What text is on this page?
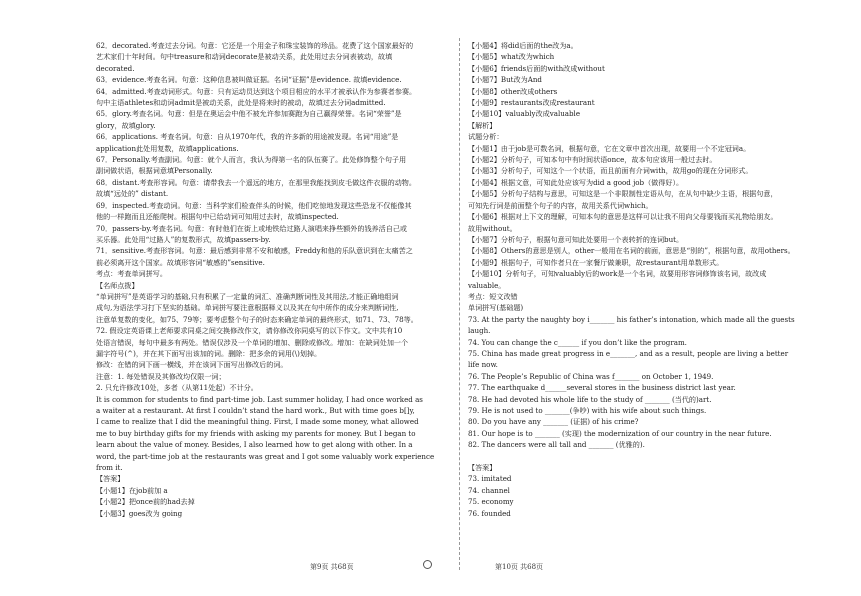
62．decorated.考查过去分词。句意：它还是一个用金子和珠宝装饰的珍品。花费了这个国家最好的

艺术家们十年时间。句中treasure和动词decorate是被动关系，此处用过去分词表被动，故填

decorated.

63．evidence.考查名词。句意：这种信息被叫做证据。名词“证据”是evidence. 故填evidence.

64．admitted.考查动词形式。句意：只有运动员达到这个项目相应的水平才被承认作为参赛者参赛。

句中主语athletes和动词admit是被动关系，此处是将来时的被动，故填过去分词admitted.

65．glory.考查名词。句意：但是在奥运会中他不被允许参加赛跑为自己赢得荣誉。名词“荣誉”是

glory，故填glory.

66．applications. 考查名词。句意：自从1970年代，我的许多新的用途被发现。名词“用途”是

application此处用复数，故填applications.

67．Personally.考查副词。句意：就个人而言，我认为得第一名的队伍赛了。此处修饰整个句子用

副词做状语，根据词意填Personally.

68．distant.考查形容词。句意：请带我去一个遥远的地方，在那里我能找到皮毛做这件衣服的动物。

故填“远处的” distant.

69．inspected.考查动词。句意：当科学家们检查伴头的时候，他们吃惊地发现这些恐龙不仅能像其

他的一样跑而且还能爬树。根据句中已给动词可知用过去时，故填inspected.

70．passers-by.考查名词。句意：有时他们在街上或地铁给过路人演唱来挣些额外的钱养活自己或

买乐器。此处用“过路人”的复数形式，故填passers-by.

71．sensitive.考查形容词。句意：最后感到非常不安和敏感，Freddy和他的乐队意识到在太痛苦之

前必须离开这个国家。故填形容词“敏感的”sensitive.

考点：考查单词拼写。

【名师点拨】

“单词拼写”是英语学习的基础,只有积累了一定量的词汇、准确判断词性及其用法,才能正确地组词

成句,为语法学习打下坚实的基础。单词拼写要注意根据释义以及其在句中所作的成分来判断词性,

注意单复数的变化，如75、79等；要考虑整个句子的时态来确定单词的最终形式，如71、73、78等。

72. 假设定英语课上老师要求同桌之间交换修改作文，请你修改你同桌写的以下作文。文中共有10

处语言错误，每句中最多有两处。错误仅涉及一个单词的增加、删除或修改。增加：在缺词处加一个

漏字符号(^)，并在其下面写出该加的词。删除：把多余的词用(\)划掉。

修改：在错的词下画一横线，并在该词下面写出修改后的词。

注意：1. 每处错误及其修改均仅限一词；

2. 只允许修改10处，多者（从第11处起）不计分。

It is common for students to find part-time job. Last summer holiday, I had once worked as

a waiter at a restaurant. At first I couldn’t stand the hard work., But with time goes b[]y,

I came to realize that I did the meaningful thing. First, I made some money, what allowed

me to buy birthday gifts for my friends with asking my parents for money. But I began to

learn about the value of money. Besides, I also learned how to get along with other. In a

word, the part-time job at the restaurants was great and I got some valuably work experience

from it.

【答案】

【小题1】在job前加 a

【小题2】把once前的had去掉

【小题3】goes改为 going

【小题4】将did后面的the改为a。

【小题5】what改为which

【小题6】friends后面的with改成without

【小题7】But改为And

【小题8】other改成others

【小题9】restaurants改成restaurant

【小题10】valuably改成valuable

【解析】

试题分析：

【小题1】由于job是可数名词，根据句意，它在文章中首次出现，故要用一个不定冠词a。

【小题2】分析句子，可知本句中有时间状语once，故本句应该用一般过去时。

【小题3】分析句子，可知这个一个状语，而且前面有介词with，故用go的现在分词形式。

【小题4】根据文意，可知此处应该写为did a good job（做得好）。

【小题5】分析句子结构与意思，可知这是一个非限制性定语从句，在从句中缺少主语，根据句意，

可知先行词是前面整个句子的内容，故用关系代词which。

【小题6】根据对上下文的理解，可知本句的意思是这样可以让我不用向父母要钱而买礼物给朋友。

故用without。

【小题7】分析句子，根据句意可知此处要用一个表转折的连词but。

【小题8】Others的意思是别人，other一般用在名词的前面，意思是“别的”，根据句意，故用others。

【小题9】根据句子，可知作者只在一家餐厅做兼职，故restaurant用单数形式。

【小题10】分析句子，可知valuably后的work是一个名词，故要用形容词修饰该名词，故改成

valuable。

考点：短文改错

单词拼写(基础题)

73. At the party the naughty boy i_______ his father’s intonation, which made all the guests

laugh.

74. You can change the c______ if you don’t like the program.

75. China has made great progress in e_______, and as a result, people are living a better

life now.

76. The People’s Republic of China was f_______ on October 1, 1949.

77. The earthquake d______several stores in the business district last year.

78. He had devoted his whole life to the study of _______ (当代的)art.

79. He is not used to _______(争吵) with his wife about such things.

80. Do you have any _______ (证据) of his crime?

81. Our hope is to _______ (实现) the modernization of our country in the near future.

82. The dancers were all tall and _______ (优雅的).

【答案】

73. imitated

74. channel

75. economy

76. founded

第9页 共68页	第10页 共68页
